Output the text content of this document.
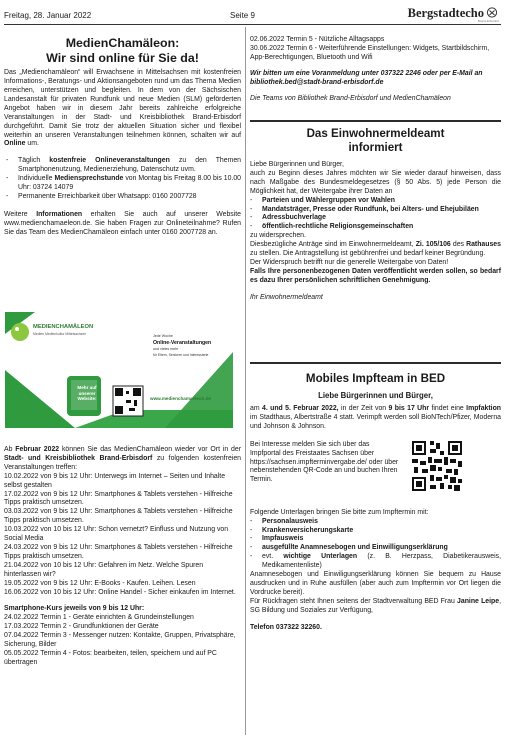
Freitag, 28. Januar 2022	Seite 9	Bergstadtecho
Brand-Erbisdorf
MedienChamäleon:
Wir sind online für Sie da!

Das „Medienchamäleon“ will Erwachsene in Mittelsachsen mit kostenfreien Informations-, Beratungs- und Aktionsangeboten rund um das Thema Medien erreichen, unterstützen und begleiten. In dem von der Sächsischen Landesanstalt für privaten Rundfunk und neue Medien (SLM) geförderten Angebot haben wir in diesem Jahr bereits zahlreiche erfolgreiche Veranstaltungen in der Stadt- und Kreisbibliothek Brand-Erbisdorf durchgeführt. Damit Sie trotz der aktuellen Situation sicher und flexibel weiterhin an unseren Veranstaltungen teilnehmen können, schalten wir auf Online um.

-	Täglich kostenfreie Onlineveranstaltungen zu den Themen Smartphonenutzung, Medienerziehung, Datenschutz uvm.
-	Individuelle Mediensprechstunde von Montag bis Freitag 8.00 bis 10.00 Uhr: 03724 14079
-	Permanente Erreichbarkeit über Whatsapp: 0160 2007728

Weitere Informationen erhalten Sie auch auf unserer Website www.medienchamaeleon.de. Sie haben Fragen zur Onlineteilnahme? Rufen Sie das Team des MedienChamäleon einfach unter 0160 2007728 an.

MEDIENCHAMÄLEON
Medien Medienkultur Mittelsachsen	Jede Woche
Online-Veranstaltungen
und vieles mehr
für Eltern, Senioren und Interessierte
Mehr auf
unserer Website:	www.medienchamaeleon.de

Ab Februar 2022 können Sie das MedienChamäleon wieder vor Ort in der Stadt- und Kreisbibliothek Brand-Erbisdorf zu folgenden kostenfreien Veranstaltungen treffen:

10.02.2022 von 9 bis 12 Uhr: Unterwegs im Internet – Seiten und Inhalte selbst gestalten

17.02.2022 von 9 bis 12 Uhr: Smartphones & Tablets verstehen - Hilfreiche Tipps praktisch umsetzen.

03.03.2022 von 9 bis 12 Uhr: Smartphones & Tablets verstehen - Hilfreiche Tipps praktisch umsetzen.

10.03.2022 von 10 bis 12 Uhr: Schon vernetzt? Einfluss und Nutzung von Social Media

24.03.2022 von 9 bis 12 Uhr: Smartphones & Tablets verstehen - Hilfreiche Tipps praktisch umsetzen.

21.04.2022 von 10 bis 12 Uhr: Gefahren im Netz. Welche Spuren hinterlassen wir?

19.05.2022 von 9 bis 12 Uhr: E-Books - Kaufen. Leihen. Lesen

16.06.2022 von 10 bis 12 Uhr: Online Handel - Sicher einkaufen im Internet.

Smartphone-Kurs jeweils von 9 bis 12 Uhr:

24.02.2022 Termin 1 - Geräte einrichten & Grundeinstellungen

17.03.2022 Termin 2 - Grundfunktionen der Geräte

07.04.2022 Termin 3 - Messenger nutzen: Kontakte, Gruppen, Privatsphäre, Sicherung, Bilder

05.05.2022 Termin 4 - Fotos: bearbeiten, teilen, speichern und auf PC übertragen

02.06.2022 Termin 5 - Nützliche Alltagsapps

30.06.2022 Termin 6 - Weiterführende Einstellungen: Widgets, Startbildschirm, App-Berechtigungen, Bluetooth und Wifi

Wir bitten um eine Voranmeldung unter 037322 2246 oder per E-Mail an bibliothek.bed@stadt-brand-erbisdorf.de

Die Teams von Bibliothek Brand-Erbisdorf und MedienChamäleon

Das Einwohnermeldeamt
informiert

Liebe Bürgerinnen und Bürger,

auch zu Beginn dieses Jahres möchten wir Sie wieder darauf hinweisen, dass nach Maßgabe des Bundesmeldegesetzes (§ 50 Abs. 5) jede Person die Möglichkeit hat, der Weitergabe ihrer Daten an

-	Parteien und Wählergruppen vor Wahlen
-	Mandatsträger, Presse oder Rundfunk, bei Alters- und Ehejubiläen
-	Adressbuchverlage
-	öffentlich-rechtliche Religionsgemeinschaften

zu widersprechen.

Diesbezügliche Anträge sind im Einwohnermeldeamt, Zi. 105/106 des Rathauses zu stellen. Die Antragstellung ist gebührenfrei und bedarf keiner Begründung.

Der Widerspruch betrifft nur die generelle Weitergabe von Daten!

Falls Ihre personenbezogenen Daten veröffentlicht werden sollen, so bedarf es dazu Ihrer persönlichen schriftlichen Genehmigung.

Ihr Einwohnermeldeamt

Mobiles Impfteam in BED
Liebe Bürgerinnen und Bürger,

am 4. und 5. Februar 2022, in der Zeit von 9 bis 17 Uhr findet eine Impfaktion im Stadthaus, Albertstraße 4 statt. Verimpft werden soll BioNTech/Pfizer, Moderna und Johnson & Johnson.

Bei Interesse melden Sie sich über das Impfportal des Freistaates Sachsen über https://sachsen.impfterminvergabe.de/ oder über nebenstehenden QR-Code an und buchen Ihren Termin.

Folgende Unterlagen bringen Sie bitte zum Impftermin mit:

-	Personalausweis
-	Krankenversicherungskarte
-	Impfausweis
-	ausgefüllte Anamnesebogen und Einwilligungserklärung
-	evt. wichtige Unterlagen (z. B. Herzpass, Diabetikerausweis, Medikamentenliste)

Anamnesebogen und Einwiligungserklärung können Sie bequem zu Hause ausdrucken und in Ruhe ausfüllen (aber auch zum Impftermin vor Ort liegen die Vordrucke bereit).

Für Rückfragen steht Ihnen seitens der Stadtverwaltung BED Frau Janine Leipe, SG Bildung und Soziales zur Verfügung,

Telefon 037322 32260.
